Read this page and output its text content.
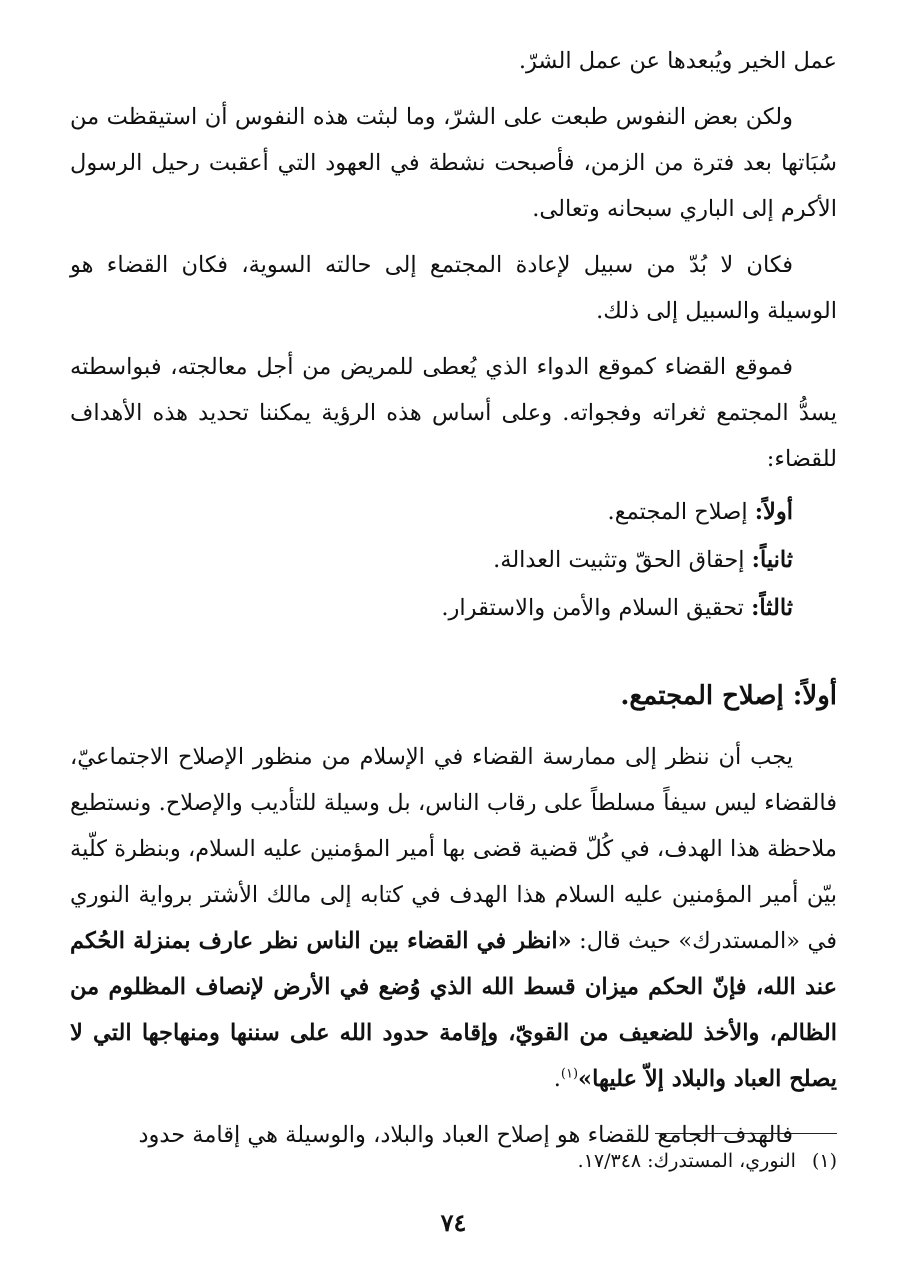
عمل الخير ويُبعدها عن عمل الشرّ.

ولكن بعض النفوس طبعت على الشرّ، وما لبثت هذه النفوس أن استيقظت من سُبَاتها بعد فترة من الزمن، فأصبحت نشطة في العهود التي أعقبت رحيل الرسول الأكرم إلى الباري سبحانه وتعالى.

فكان لا بُدّ من سبيل لإعادة المجتمع إلى حالته السوية، فكان القضاء هو الوسيلة والسبيل إلى ذلك.

فموقع القضاء كموقع الدواء الذي يُعطى للمريض من أجل معالجته، فبواسطته يسدُّ المجتمع ثغراته وفجواته. وعلى أساس هذه الرؤية يمكننا تحديد هذه الأهداف للقضاء:

أولاً: إصلاح المجتمع.
ثانياً: إحقاق الحقّ وتثبيت العدالة.
ثالثاً: تحقيق السلام والأمن والاستقرار.
أولاً: إصلاح المجتمع.

يجب أن ننظر إلى ممارسة القضاء في الإسلام من منظور الإصلاح الاجتماعيّ، فالقضاء ليس سيفاً مسلطاً على رقاب الناس، بل وسيلة للتأديب والإصلاح. ونستطيع ملاحظة هذا الهدف، في كُلّ قضية قضى بها أمير المؤمنين عليه السلام، وبنظرة كلّية بيّن أمير المؤمنين عليه السلام هذا الهدف في كتابه إلى مالك الأشتر برواية النوري في «المستدرك» حيث قال: «انظر في القضاء بين الناس نظر عارف بمنزلة الحُكم عند الله، فإنّ الحكم ميزان قسط الله الذي وُضع في الأرض لإنصاف المظلوم من الظالم، والأخذ للضعيف من القويّ، وإقامة حدود الله على سننها ومنهاجها التي لا يصلح العباد والبلاد إلاّ عليها»$^{(١)}$.

فالهدف الجامع للقضاء هو إصلاح العباد والبلاد، والوسيلة هي إقامة حدود

(١)النوري، المستدرك: ١٧/٣٤٨.
٧٤
